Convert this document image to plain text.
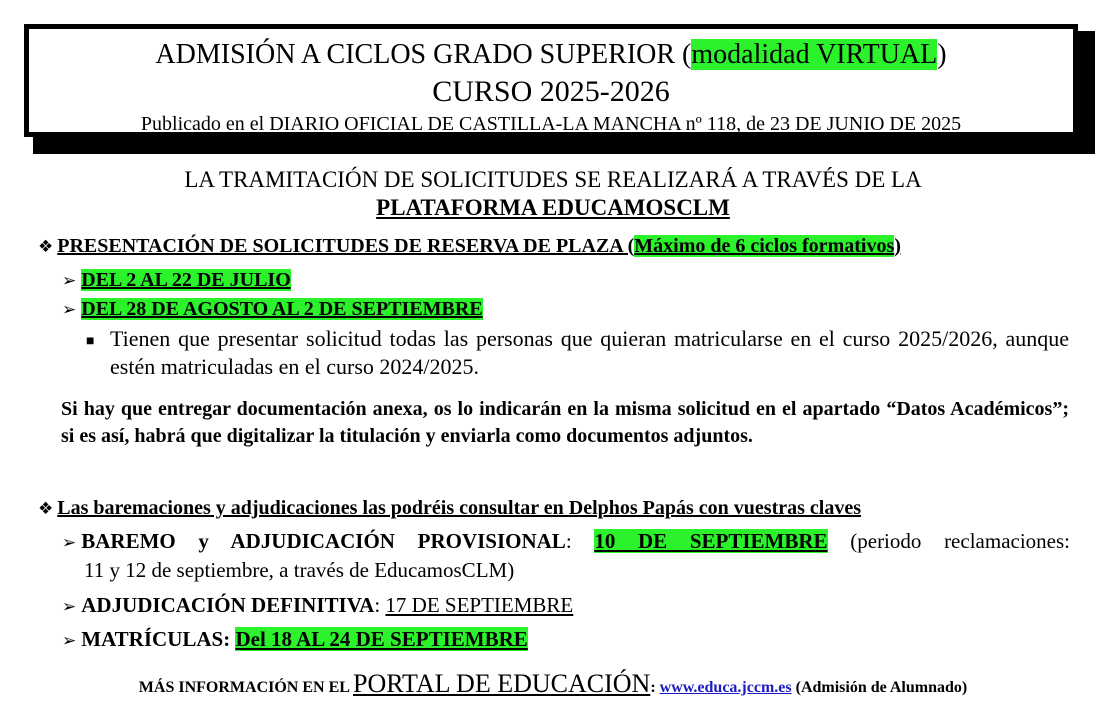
ADMISIÓN A CICLOS GRADO SUPERIOR (modalidad VIRTUAL)
CURSO 2025-2026
Publicado en el DIARIO OFICIAL DE CASTILLA-LA MANCHA nº 118, de 23 DE JUNIO DE 2025
LA TRAMITACIÓN DE SOLICITUDES SE REALIZARÁ A TRAVÉS DE LA
PLATAFORMA EDUCAMOSCLM
❖ PRESENTACIÓN DE SOLICITUDES DE RESERVA DE PLAZA (Máximo de 6 ciclos formativos)
➢ DEL 2 AL 22 DE JULIO
➢ DEL 28 DE AGOSTO AL 2 DE SEPTIEMBRE
■ Tienen que presentar solicitud todas las personas que quieran matricularse en el curso 2025/2026, aunque estén matriculadas en el curso 2024/2025.
Si hay que entregar documentación anexa, os lo indicarán en la misma solicitud en el apartado “Datos Académicos”; si es así, habrá que digitalizar la titulación y enviarla como documentos adjuntos.
❖ Las baremaciones y adjudicaciones las podréis consultar en Delphos Papás con vuestras claves
➢ BAREMO y ADJUDICACIÓN PROVISIONAL: 10 DE SEPTIEMBRE (periodo reclamaciones:
11 y 12 de septiembre, a través de EducamosCLM)
➢ ADJUDICACIÓN DEFINITIVA: 17 DE SEPTIEMBRE
➢ MATRÍCULAS: Del 18 AL 24 DE SEPTIEMBRE
MÁS INFORMACIÓN EN EL PORTAL DE EDUCACIÓN: www.educa.jccm.es (Admisión de Alumnado)
